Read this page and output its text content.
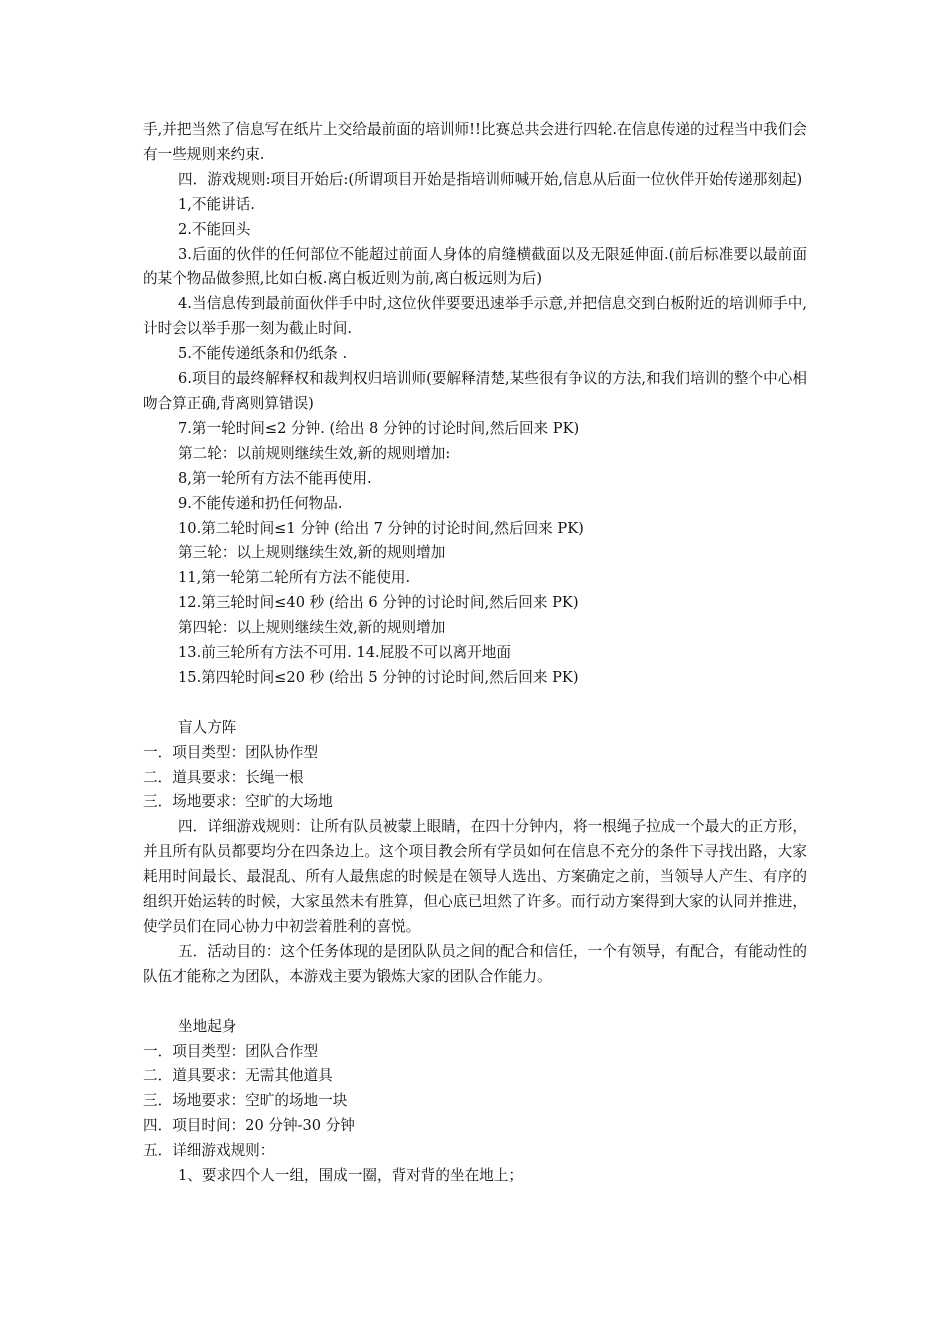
手,并把当然了信息写在纸片上交给最前面的培训师!!比赛总共会进行四轮.在信息传递的过程当中我们会有一些规则来约束.

四．游戏规则:项目开始后:(所谓项目开始是指培训师喊开始,信息从后面一位伙伴开始传递那刻起)

1,不能讲话.

2.不能回头

3.后面的伙伴的任何部位不能超过前面人身体的肩缝横截面以及无限延伸面.(前后标准要以最前面的某个物品做参照,比如白板.离白板近则为前,离白板远则为后)

4.当信息传到最前面伙伴手中时,这位伙伴要要迅速举手示意,并把信息交到白板附近的培训师手中,计时会以举手那一刻为截止时间.

5.不能传递纸条和仍纸条 .

6.项目的最终解释权和裁判权归培训师(要解释清楚,某些很有争议的方法,和我们培训的整个中心相吻合算正确,背离则算错误)

7.第一轮时间≤2 分钟. (给出 8 分钟的讨论时间,然后回来 PK)

第二轮：以前规则继续生效,新的规则增加:

8,第一轮所有方法不能再使用.

9.不能传递和扔任何物品.

10.第二轮时间≤1 分钟 (给出 7 分钟的讨论时间,然后回来 PK)

第三轮：以上规则继续生效,新的规则增加

11,第一轮第二轮所有方法不能使用.

12.第三轮时间≤40 秒 (给出 6 分钟的讨论时间,然后回来 PK)

第四轮：以上规则继续生效,新的规则增加

13.前三轮所有方法不可用. 14.屁股不可以离开地面

15.第四轮时间≤20 秒 (给出 5 分钟的讨论时间,然后回来 PK)

盲人方阵

一．项目类型：团队协作型

二．道具要求：长绳一根

三．场地要求：空旷的大场地

四．详细游戏规则：让所有队员被蒙上眼睛，在四十分钟内，将一根绳子拉成一个最大的正方形，并且所有队员都要均分在四条边上。这个项目教会所有学员如何在信息不充分的条件下寻找出路，大家耗用时间最长、最混乱、所有人最焦虑的时候是在领导人选出、方案确定之前，当领导人产生、有序的组织开始运转的时候，大家虽然未有胜算，但心底已坦然了许多。而行动方案得到大家的认同并推进，使学员们在同心协力中初尝着胜利的喜悦。

五．活动目的：这个任务体现的是团队队员之间的配合和信任，一个有领导，有配合，有能动性的队伍才能称之为团队，本游戏主要为锻炼大家的团队合作能力。

坐地起身

一．项目类型：团队合作型

二．道具要求：无需其他道具

三．场地要求：空旷的场地一块

四．项目时间：20 分钟-30 分钟

五．详细游戏规则：

1、要求四个人一组，围成一圈，背对背的坐在地上；
